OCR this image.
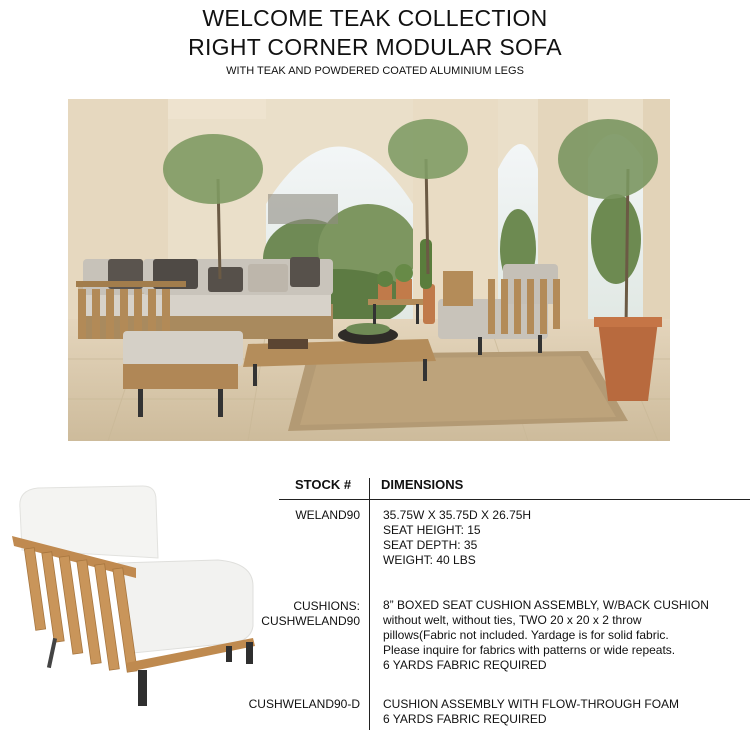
WELCOME TEAK COLLECTION
RIGHT CORNER MODULAR SOFA
WITH TEAK AND POWDERED COATED ALUMINIUM LEGS
STOCK # DIMENSIONS
WELAND90 35.75W X 35.75D X 26.75H
SEAT HEIGHT: 15
SEAT DEPTH: 35
WEIGHT: 40 LBS
CUSHIONS:
CUSHWELAND90
8” BOXED SEAT CUSHION ASSEMBLY, W/BACK CUSHION
without welt, without ties, TWO 20 x 20 x 2 throw
pillows(Fabric not included. Yardage is for solid fabric.
Please inquire for fabrics with patterns or wide repeats.
6 YARDS FABRIC REQUIRED
CUSHWELAND90-D CUSHION ASSEMBLY WITH FLOW-THROUGH FOAM
6 YARDS FABRIC REQUIRED
